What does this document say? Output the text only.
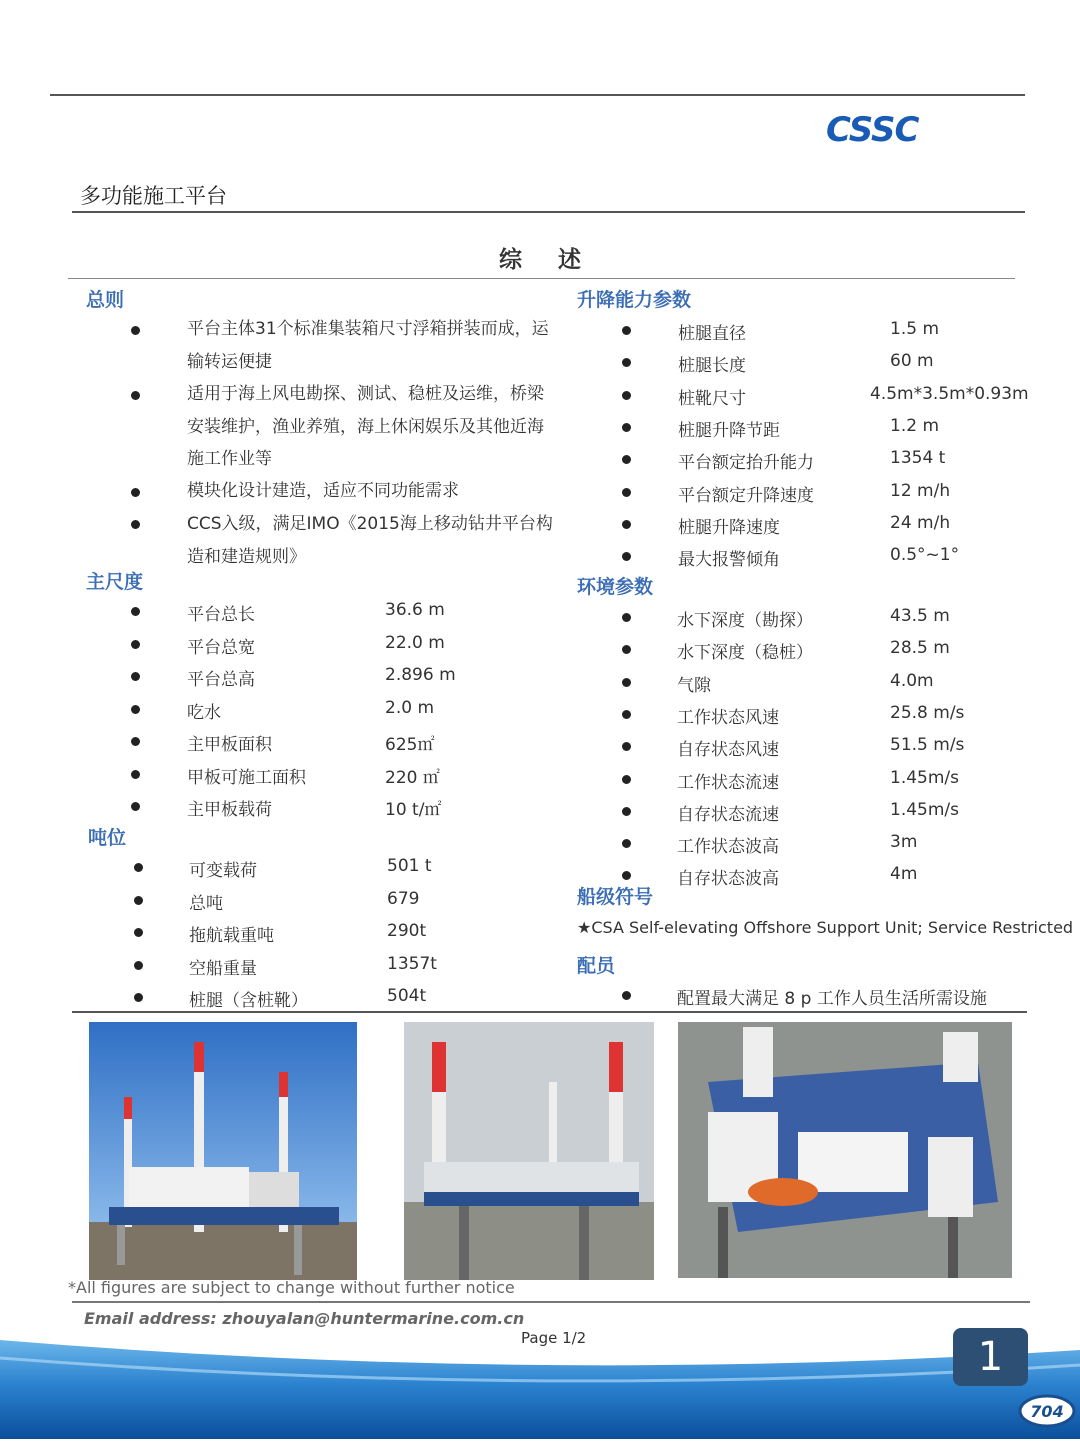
CSSC
多功能施工平台
综述
总则
平台主体31个标准集装箱尺寸浮箱拼装而成，运输转运便捷
适用于海上风电勘探、测试、稳桩及运维，桥梁安装维护，渔业养殖，海上休闲娱乐及其他近海施工作业等
模块化设计建造，适应不同功能需求
CCS入级，满足IMO《2015海上移动钻井平台构造和建造规则》
主尺度
平台总长	36.6 m
平台总宽	22.0 m
平台总高	2.896 m
吃水	2.0 m
主甲板面积	625㎡
甲板可施工面积	220 ㎡
主甲板载荷	10 t/㎡
吨位
可变载荷	501 t
总吨	679
拖航载重吨	290t
空船重量	1357t
桩腿（含桩靴）	504t
升降能力参数
桩腿直径	1.5 m
桩腿长度	60 m
桩靴尺寸	4.5m*3.5m*0.93m
桩腿升降节距	1.2 m
平台额定抬升能力	1354 t
平台额定升降速度	12 m/h
桩腿升降速度	24 m/h
最大报警倾角	0.5°~1°
环境参数
水下深度（勘探）	43.5 m
水下深度（稳桩）	28.5 m
气隙	4.0m
工作状态风速	25.8 m/s
自存状态风速	51.5 m/s
工作状态流速	1.45m/s
自存状态流速	1.45m/s
工作状态波高	3m
自存状态波高	4m
船级符号
★CSA Self-elevating Offshore Support Unit; Service Restricted
配员
配置最大满足 8 p 工作人员生活所需设施
*All figures are subject to change without further notice
Email address: zhouyalan@huntermarine.com.cn
Page 1/2	1
704
